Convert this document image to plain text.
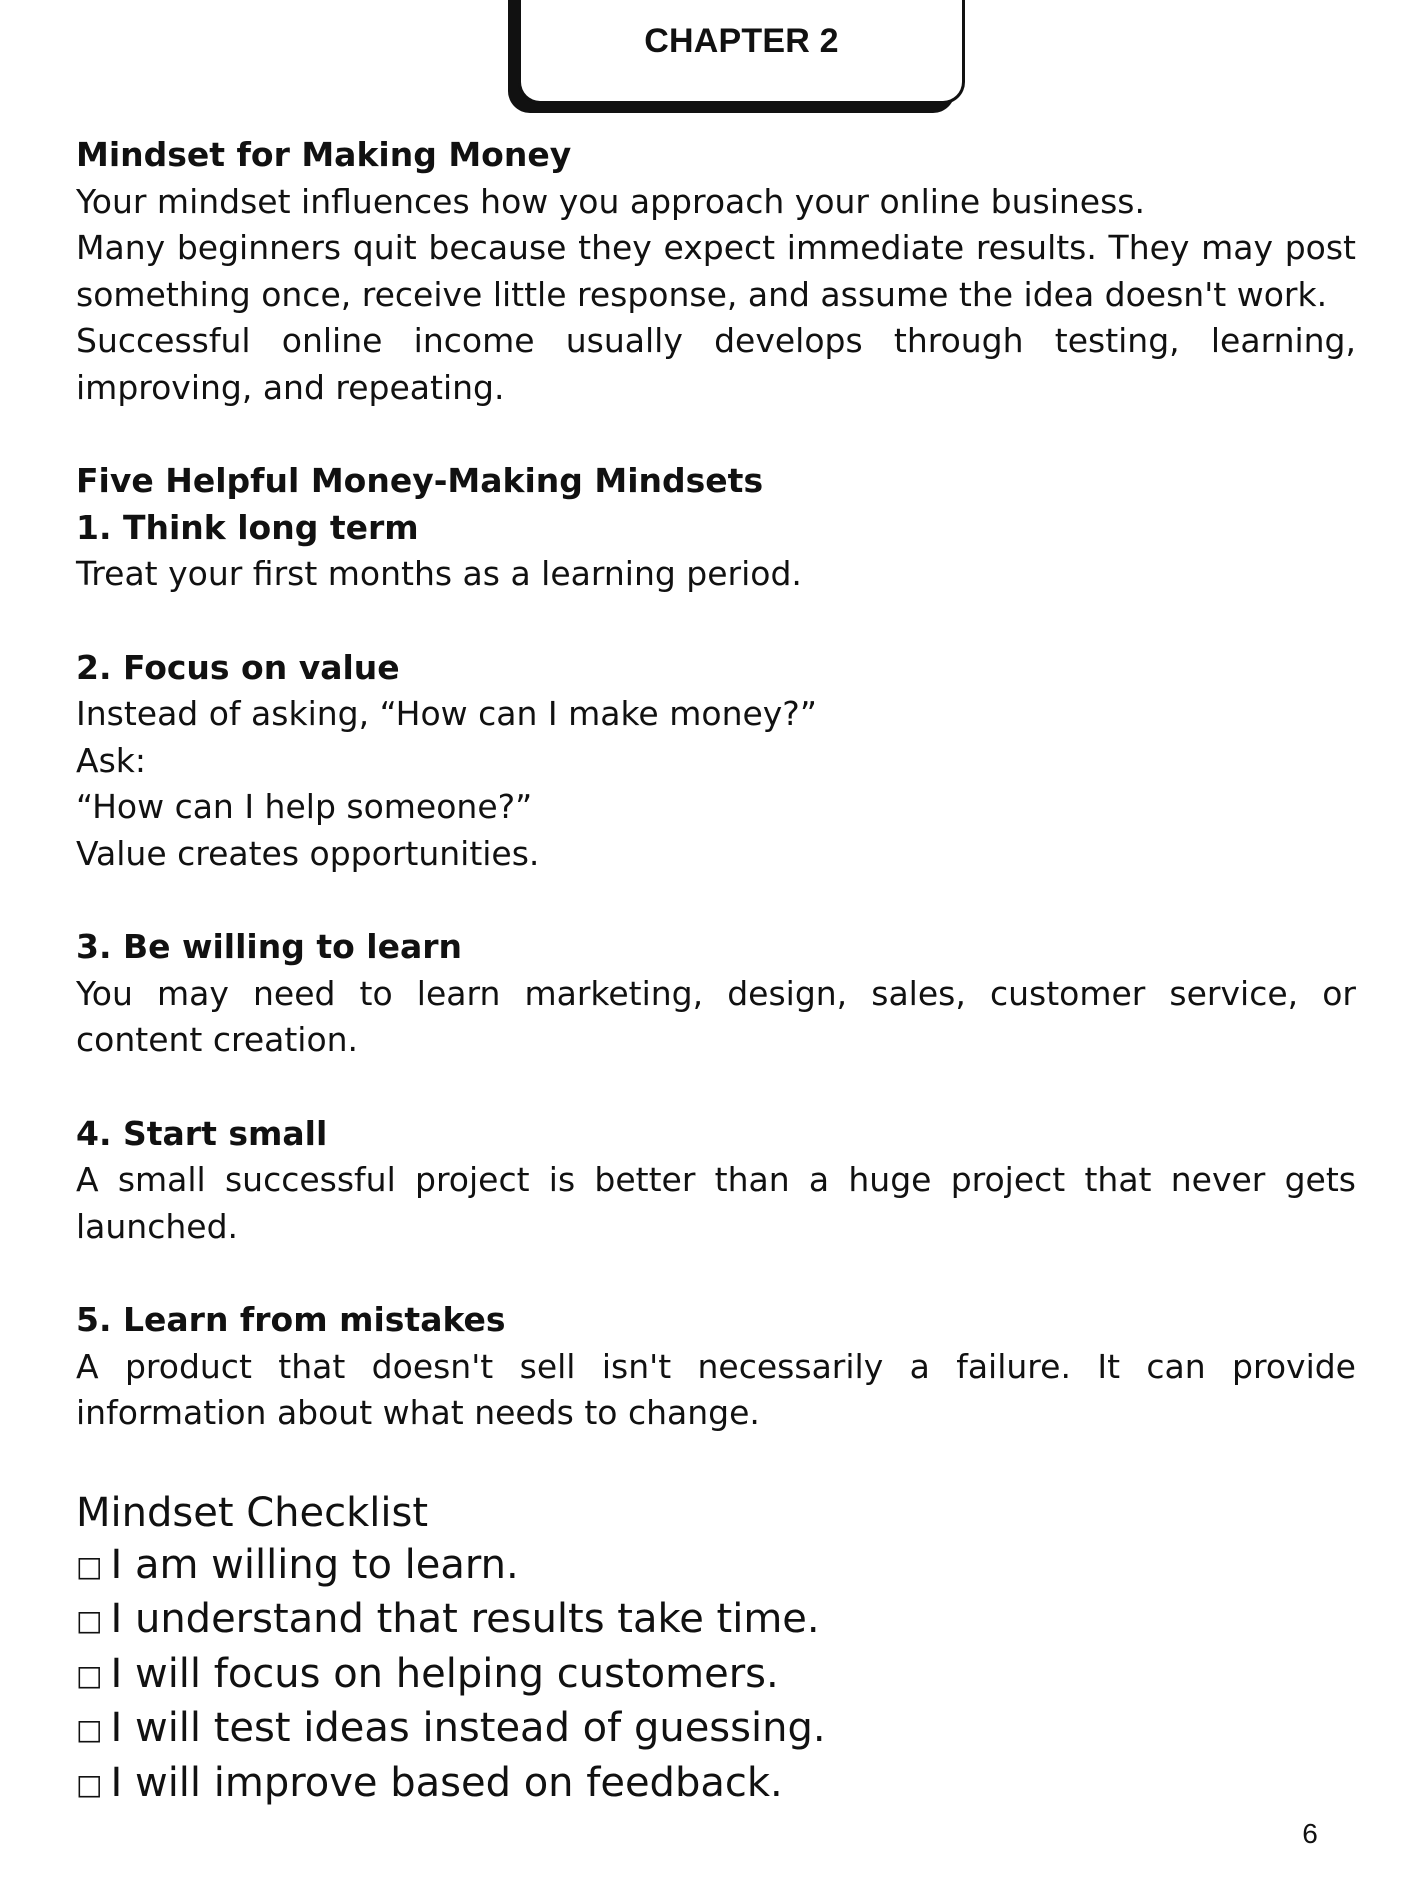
CHAPTER 2

Mindset for Making Money

Your mindset influences how you approach your online business.

Many beginners quit because they expect immediate results. They may post something once, receive little response, and assume the idea doesn't work.

Successful online income usually develops through testing, learning, improving, and repeating.

Five Helpful Money-Making Mindsets

1. Think long term

Treat your first months as a learning period.

2. Focus on value

Instead of asking, “How can I make money?”

Ask:

“How can I help someone?”

Value creates opportunities.

3. Be willing to learn

You may need to learn marketing, design, sales, customer service, or content creation.

4. Start small

A small successful project is better than a huge project that never gets launched.

5. Learn from mistakes

A product that doesn't sell isn't necessarily a failure. It can provide information about what needs to change.

Mindset Checklist

□ I am willing to learn.

□ I understand that results take time.

□ I will focus on helping customers.

□ I will test ideas instead of guessing.

□ I will improve based on feedback.

6
